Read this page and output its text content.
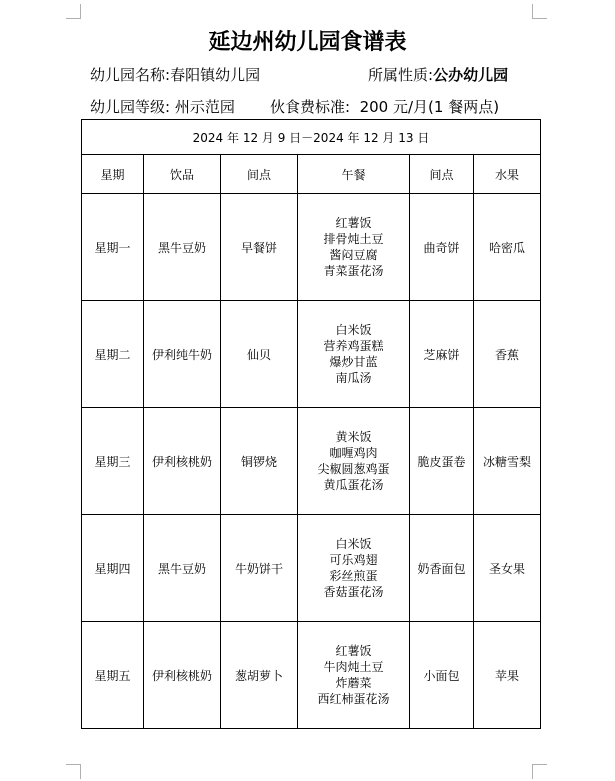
延边州幼儿园食谱表
幼儿园名称:春阳镇幼儿园	所属性质:公办幼儿园
幼儿园等级: 州示范园 伙食费标准:  200 元/月(1 餐两点)
2024 年 12 月 9 日－2024 年 12 月 13 日					
星期	饮品	间点	午餐	间点	水果
星期一	黑牛豆奶	早餐饼	红薯饭
排骨炖土豆
酱闷豆腐
青菜蛋花汤	曲奇饼	哈密瓜
星期二	伊利纯牛奶	仙贝	白米饭
营养鸡蛋糕
爆炒甘蓝
南瓜汤	芝麻饼	香蕉
星期三	伊利核桃奶	铜锣烧	黄米饭
咖喱鸡肉
尖椒圆葱鸡蛋
黄瓜蛋花汤	脆皮蛋卷	冰糖雪梨
星期四	黑牛豆奶	牛奶饼干	白米饭
可乐鸡翅
彩丝煎蛋
香菇蛋花汤	奶香面包	圣女果
星期五	伊利核桃奶	葱胡萝卜	红薯饭
牛肉炖土豆
炸蘑菜
西红柿蛋花汤	小面包	苹果
